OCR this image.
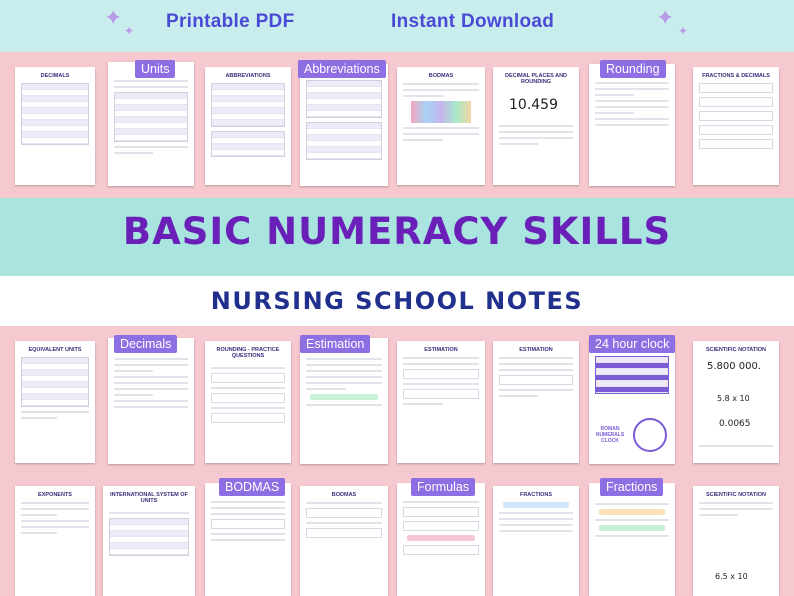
✦ ✦ Printable PDF	Instant Download	✦ ✦
DECIMALS	ABBREVIATIONS	BODMAS	DECIMAL PLACES AND ROUNDING
10.459
FRACTIONS & DECIMALS
Units	Abbreviations	Rounding
BASIC NUMERACY SKILLS
NURSING SCHOOL NOTES
EQUIVALENT UNITS	ROUNDING - PRACTICE QUESTIONS
ESTIMATION	ESTIMATION
ROMAN NUMERALS CLOCK
SCIENTIFIC NOTATION
5.800 000.
5.8 x 10
0.0065
Decimals	Estimation	24 hour clock
EXPONENTS	INTERNATIONAL SYSTEM OF UNITS
BODMAS	FRACTIONS	SCIENTIFIC NOTATION
6.5 x 10
BODMAS	Formulas	Fractions
